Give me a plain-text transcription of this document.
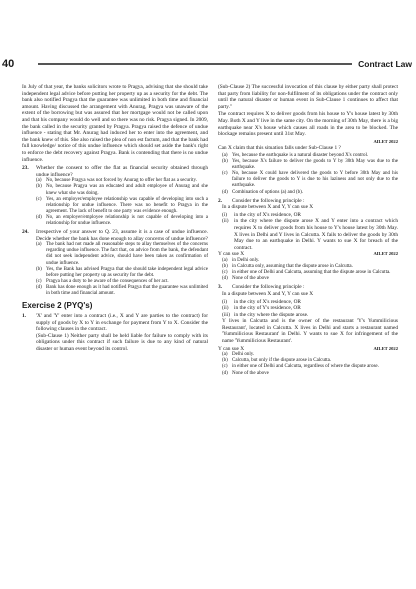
40	Contract Law
In July of that year, the banks solicitors wrote to Pragya, advising that she should take independent legal advice before putting her property up as a security for the debt. The bank also notified Pragya that the guarantee was unlimited in both time and financial amount. Having discussed the arrangement with Anurag, Pragya was unaware of the extent of the borrowing but was assured that her mortgage would not be called upon and that his company would do well and so there was no risk. Pragya signed. In 2009, the bank called in the security granted by Pragya. Pragya raised the defence of undue influence - stating that Mr. Anurag had induced her to enter into the agreement, and the bank knew of this. She also raised the plea of non est factum, and that the bank had full knowledge/ notice of this undue influence which should set aside the bank's right to enforce the debt recovery against Pragya. Bank is contending that there is no undue influence.
23.	Whether the consent to offer the flat as financial security obtained through undue influence?
(a) No, because Pragya was not forced by Anurag to offer her flat as a security.
(b) No, because Pragya was an educated and adult employee of Anurag and she knew what she was doing.
(c) Yes, an employer/employee relationship was capable of developing into such a relationship for undue influence. There was no benefit to Pragya in the agreement. The lack of benefit to one party was evidence enough.
(d) No, an employer/employee relationship is not capable of developing into a relationship for undue influence.
24.	Irrespective of your answer to Q. 23, assume it is a case of undue influence. Decide whether the bank has done enough to allay concerns of undue influence?
(a) The bank had not made all reasonable steps to allay themselves of the concerns regarding undue influence. The fact that, on advice from the bank, the defendant did not seek independent advice, should have been taken as confirmation of undue influence.
(b) Yes, the Bank has advised Pragya that she should take independent legal advice before putting her property up as security for the debt.
(c) Pragya has a duty to be aware of the consequences of her act.
(d) Bank has done enough as it had notified Pragya that the guarantee was unlimited in both time and financial amount.
Exercise 2 (PYQ's)
1.	'X' and 'Y' enter into a contract (i.e., X and Y are parties to the contract) for supply of goods by X to Y in exchange for payment from Y to X. Consider the following clauses in the contract.
(Sub-Clause 1) Neither party shall be held liable for failure to comply with its obligations under this contract if such failure is due to any kind of natural disaster or human event beyond its control.
(Sub-Clause 2) The successful invocation of this clause by either party shall protect that party from liability for non-fulfilment of its obligations under the contract only until the natural disaster or human event in Sub-Clause 1 continues to affect that party."
The contract requires X to deliver goods from his house to Y's house latest by 30th May. Both X and Y live in the same city. On the morning of 30th May, there is a big earthquake near X's house which causes all roads in the area to be blocked. The blockage remains present until 31st May.
AILET 2022
Can X claim that this situation falls under Sub-Clause 1 ?
(a) Yes, because the earthquake is a natural disaster beyond X's control.
(b) Yes, because X's failure to deliver the goods to Y by 30th May was due to the earthquake.
(c) No, because X could have delivered the goods to Y before 30th May and his failure to deliver the goods to Y is due to his laziness and not only due to the earthquake.
(d) Combination of options (a) and (b).
2.	Consider the following principle :
In a dispute between X and Y, Y can sue X
(i)	in the city of X's residence, OR
(ii)	in the city where the dispute arose X and Y enter into a contract which requires X to deliver goods from his house to Y's house latest by 30th May. X lives in Delhi and Y lives in Calcutta. X fails to deliver the goods by 30th May due to an earthquake in Delhi. Y wants to sue X for breach of the contract.
Y can sue X	AILET 2022
(a) in Delhi only.
(b) in Calcutta only, assuming that the dispute arose in Calcutta.
(c) in either one of Delhi and Calcutta, assuming that the dispute arose in Calcutta.
(d) None of the above
3.	Consider the following principle :
In a dispute between X and Y, Y can sue X
(i)	in the city of X's residence, OR
(ii)	in the city of Y's residence, OR
(iii) in the city where the dispute arose.
Y lives in Calcutta and is the owner of the restaurant 'Y's Yummilicious Restaurant', located in Calcutta. X lives in Delhi and starts a restaurant named 'Yummilicious Restaurant' in Delhi. Y wants to sue X for infringement of the name 'Yummilicious Restaurant'.
Y can sue X	AILET 2022
(a) Delhi only.
(b) Calcutta, but only if the dispute arose in Calcutta.
(c) in either one of Delhi and Calcutta, regardless of where the dispute arose.
(d) None of the above
